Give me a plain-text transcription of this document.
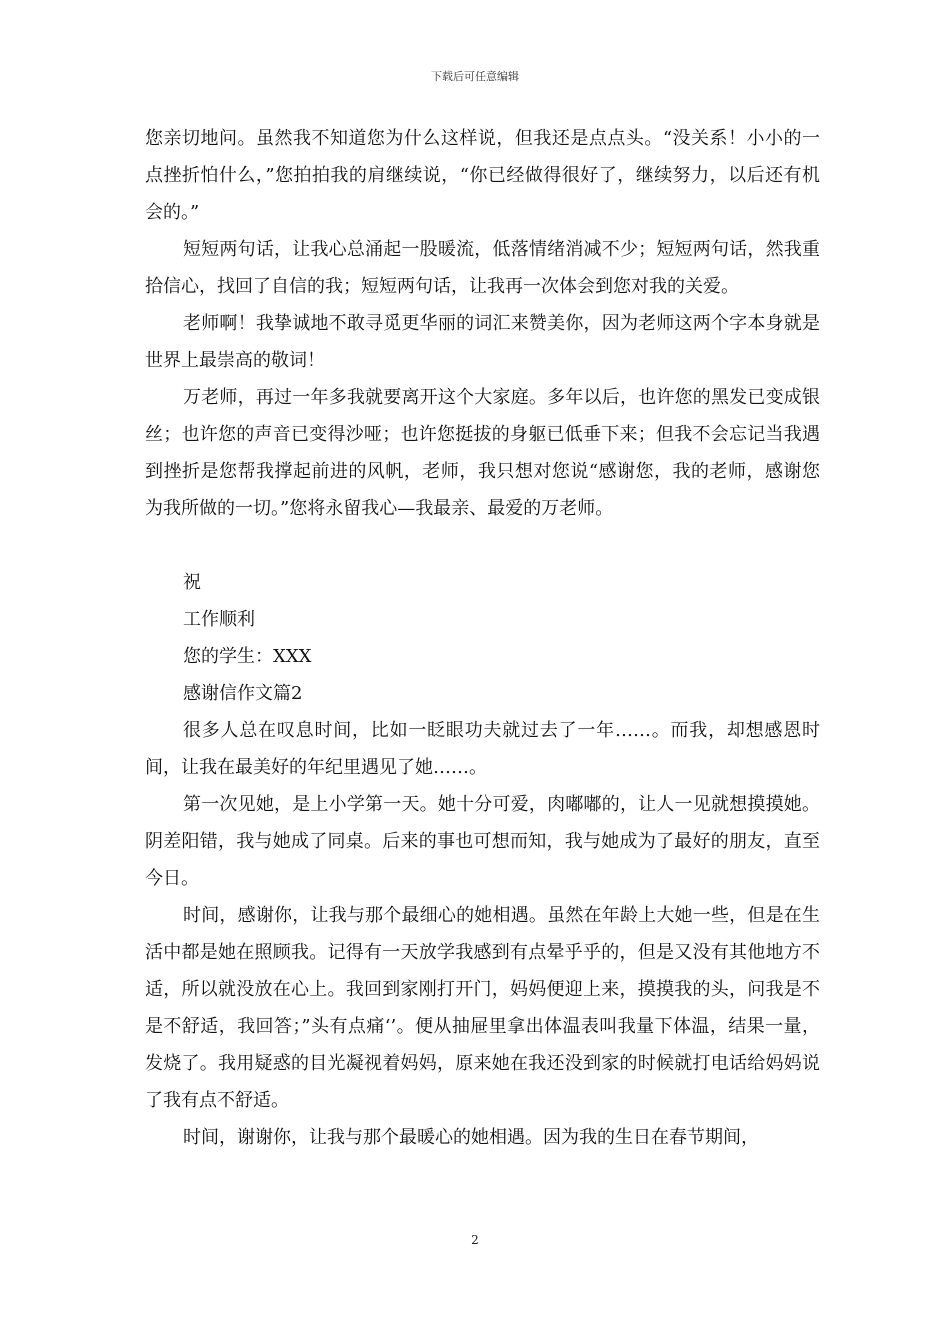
下载后可任意编辑

您亲切地问。虽然我不知道您为什么这样说，但我还是点点头。“没关系！小小的一点挫折怕什么，”您拍拍我的肩继续说，“你已经做得很好了，继续努力，以后还有机会的。”

短短两句话，让我心总涌起一股暖流，低落情绪消减不少；短短两句话，然我重拾信心，找回了自信的我；短短两句话，让我再一次体会到您对我的关爱。

老师啊！我挚诚地不敢寻觅更华丽的词汇来赞美你，因为老师这两个字本身就是世界上最崇高的敬词！

万老师，再过一年多我就要离开这个大家庭。多年以后，也许您的黑发已变成银丝；也许您的声音已变得沙哑；也许您挺拔的身躯已低垂下来；但我不会忘记当我遇到挫折是您帮我撑起前进的风帆，老师，我只想对您说“感谢您，我的老师，感谢您为我所做的一切。”您将永留我心—我最亲、最爱的万老师。

祝

工作顺利

您的学生：XXX

感谢信作文篇2

很多人总在叹息时间，比如一眨眼功夫就过去了一年……。而我，却想感恩时间，让我在最美好的年纪里遇见了她……。

第一次见她，是上小学第一天。她十分可爱，肉嘟嘟的，让人一见就想摸摸她。阴差阳错，我与她成了同桌。后来的事也可想而知，我与她成为了最好的朋友，直至今日。

时间，感谢你，让我与那个最细心的她相遇。虽然在年龄上大她一些，但是在生活中都是她在照顾我。记得有一天放学我感到有点晕乎乎的，但是又没有其他地方不适，所以就没放在心上。我回到家刚打开门，妈妈便迎上来，摸摸我的头，问我是不是不舒适，我回答；”头有点痛‘’。便从抽屉里拿出体温表叫我量下体温，结果一量，发烧了。我用疑惑的目光凝视着妈妈，原来她在我还没到家的时候就打电话给妈妈说了我有点不舒适。

时间，谢谢你，让我与那个最暖心的她相遇。因为我的生日在春节期间，

2
